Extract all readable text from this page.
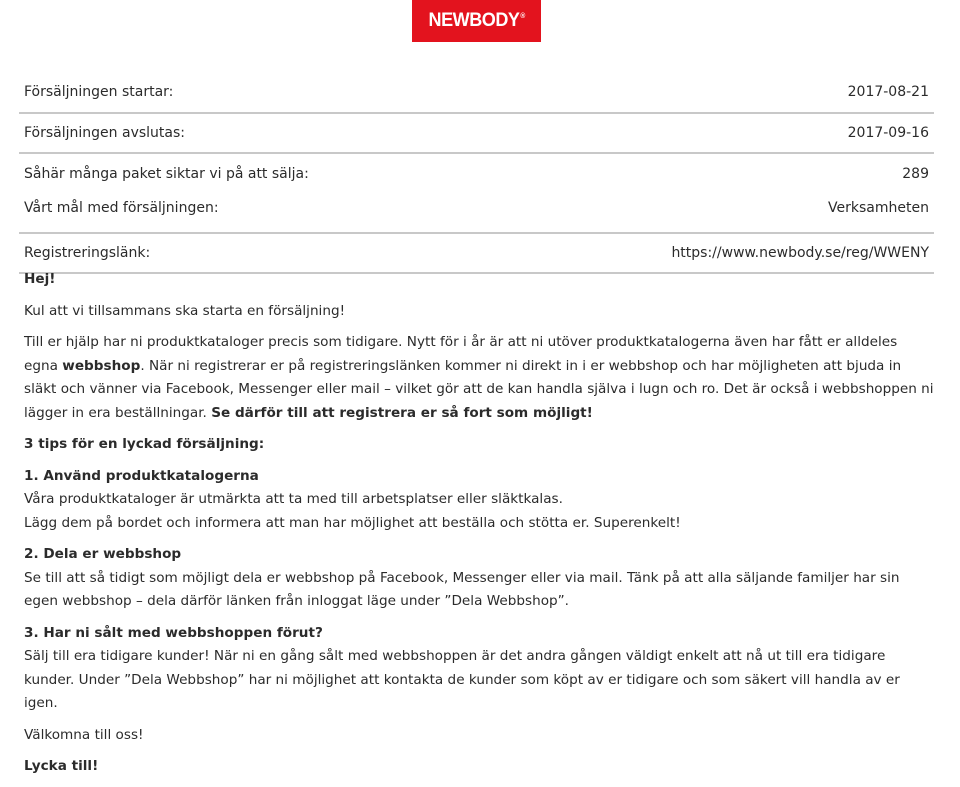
NEWBODY ®
Försäljningen startar:	2017-08-21
Försäljningen avslutas:	2017-09-16
Såhär många paket siktar vi på att sälja:	289
Vårt mål med försäljningen:	Verksamheten
Registreringslänk:	https://www.newbody.se/reg/WWENY

Hej!

Kul att vi tillsammans ska starta en försäljning!

Till er hjälp har ni produktkataloger precis som tidigare. Nytt för i år är att ni utöver produktkatalogerna även har fått er alldeles egna webbshop. När ni registrerar er på registreringslänken kommer ni direkt in i er webbshop och har möjligheten att bjuda in släkt och vänner via Facebook, Messenger eller mail – vilket gör att de kan handla själva i lugn och ro. Det är också i webbshoppen ni lägger in era beställningar. Se därför till att registrera er så fort som möjligt!

3 tips för en lyckad försäljning:

1. Använd produktkatalogerna
Våra produktkataloger är utmärkta att ta med till arbetsplatser eller släktkalas.
Lägg dem på bordet och informera att man har möjlighet att beställa och stötta er. Superenkelt!

2. Dela er webbshop
Se till att så tidigt som möjligt dela er webbshop på Facebook, Messenger eller via mail. Tänk på att alla säljande familjer har sin egen webbshop – dela därför länken från inloggat läge under ”Dela Webbshop”.

3. Har ni sålt med webbshoppen förut?
Sälj till era tidigare kunder! När ni en gång sålt med webbshoppen är det andra gången väldigt enkelt att nå ut till era tidigare kunder. Under ”Dela Webbshop” har ni möjlighet att kontakta de kunder som köpt av er tidigare och som säkert vill handla av er igen.

Välkomna till oss!

Lycka till!
